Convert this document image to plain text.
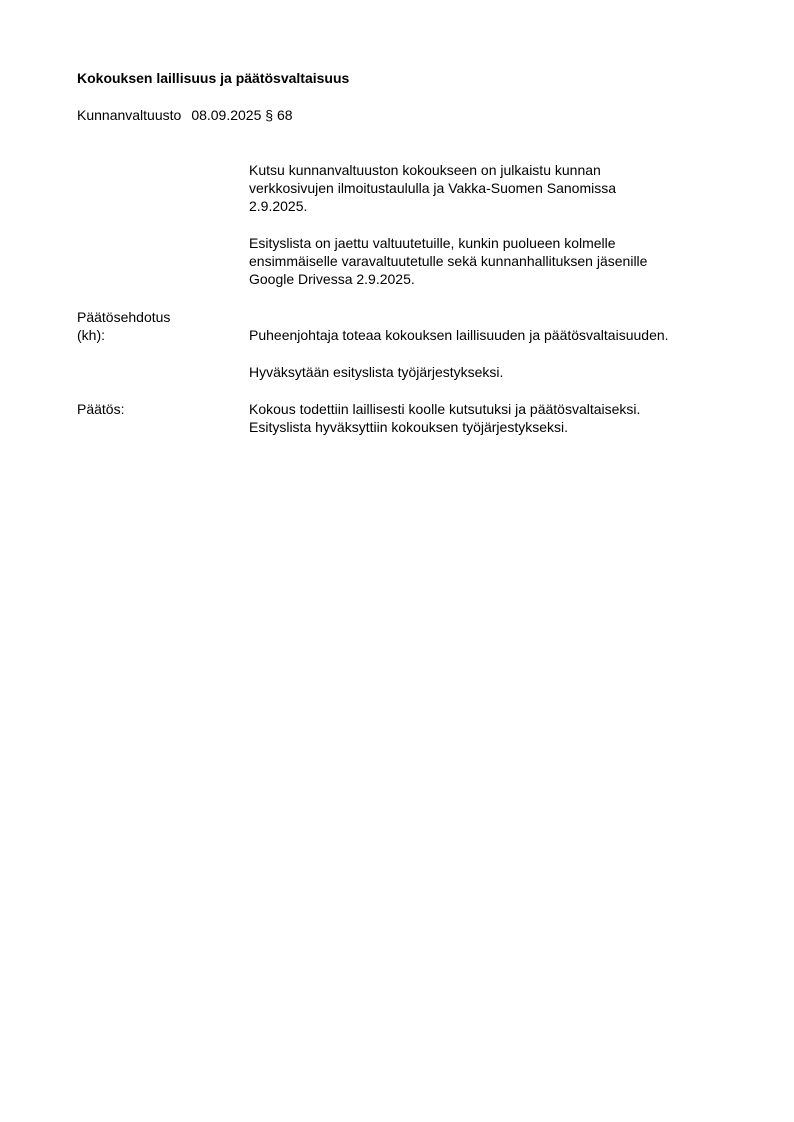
Kokouksen laillisuus ja päätösvaltaisuus
Kunnanvaltuusto 08.09.2025 § 68

Kutsu kunnanvaltuuston kokoukseen on julkaistu kunnan

verkkosivujen ilmoitustaululla ja Vakka-Suomen Sanomissa

2.9.2025.

Esityslista on jaettu valtuutetuille, kunkin puolueen kolmelle

ensimmäiselle varavaltuutetulle sekä kunnanhallituksen jäsenille

Google Drivessa 2.9.2025.

Päätösehdotus

(kh):	Puheenjohtaja toteaa kokouksen laillisuuden ja päätösvaltaisuuden.

Hyväksytään esityslista työjärjestykseksi.

Päätös:	Kokous todettiin laillisesti koolle kutsutuksi ja päätösvaltaiseksi.

Esityslista hyväksyttiin kokouksen työjärjestykseksi.
